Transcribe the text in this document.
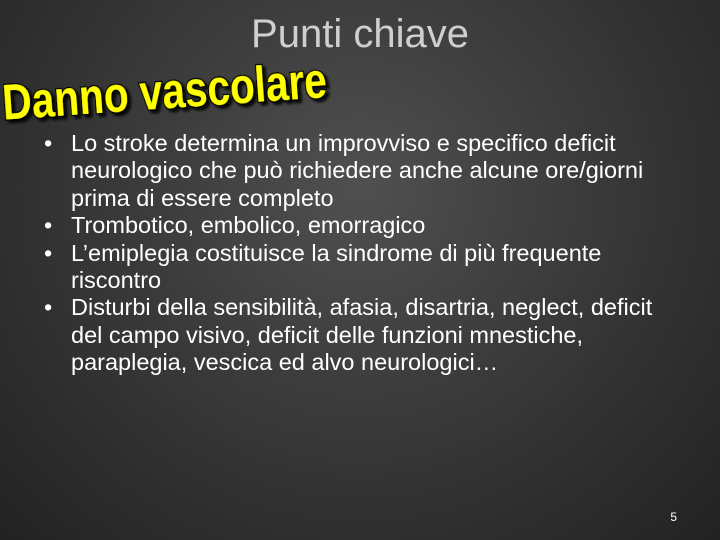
Punti chiave
Danno vascolare
• Lo stroke determina un improvviso e specifico deficit neurologico che può richiedere anche alcune ore/giorni prima di essere completo
• Trombotico, embolico, emorragico
• L’emiplegia costituisce la sindrome di più frequente riscontro
• Disturbi della sensibilità, afasia, disartria, neglect, deficit del campo visivo, deficit delle funzioni mnestiche, paraplegia, vescica ed alvo neurologici…
5
